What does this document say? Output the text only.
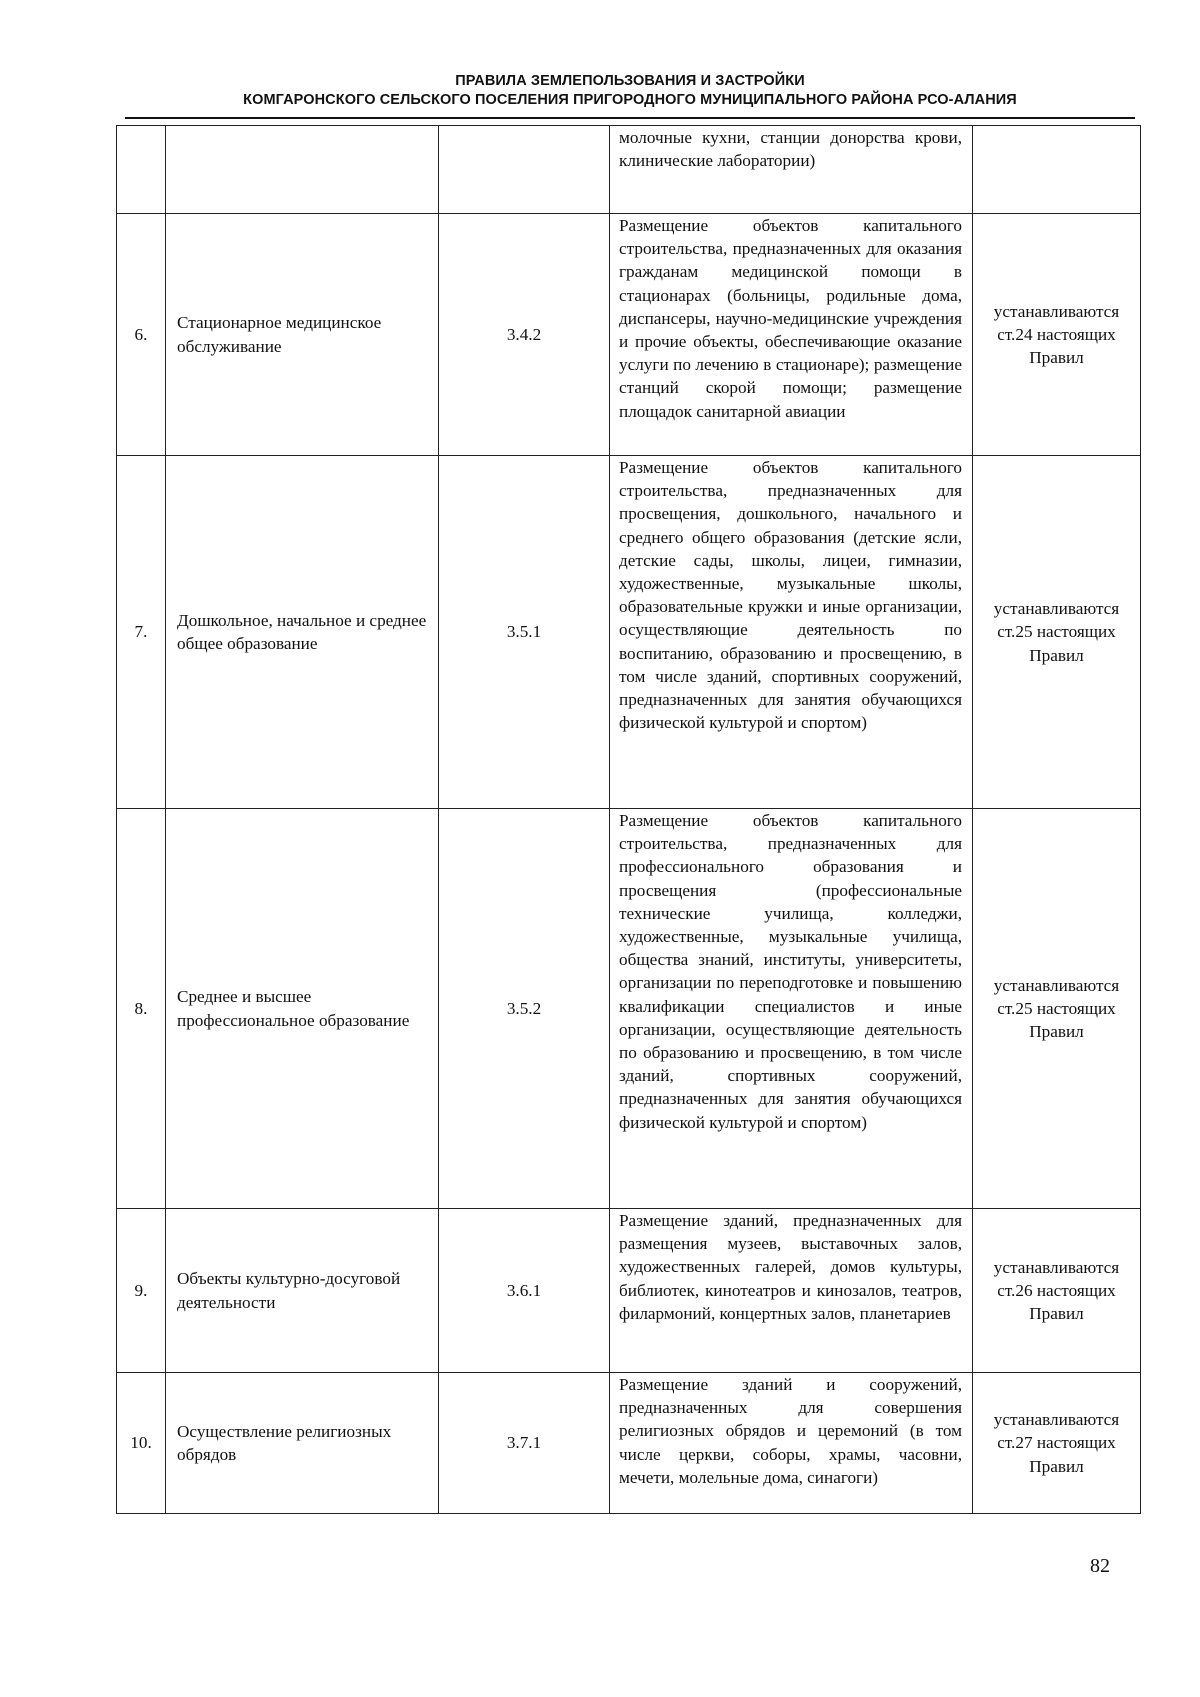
ПРАВИЛА ЗЕМЛЕПОЛЬЗОВАНИЯ И ЗАСТРОЙКИ
КОМГАРОНСКОГО СЕЛЬСКОГО ПОСЕЛЕНИЯ ПРИГОРОДНОГО МУНИЦИПАЛЬНОГО РАЙОНА РСО-АЛАНИЯ

			молочные кухни, станции донорства крови, клинические лаборатории)	

6.	Стационарное медицинское обслуживание	3.4.2	Размещение объектов капитального строительства, предназначенных для оказания гражданам медицинской помощи в стационарах (больницы, родильные дома, диспансеры, научно-медицинские учреждения и прочие объекты, обеспечивающие оказание услуги по лечению в стационаре); размещение станций скорой помощи; размещение площадок санитарной авиации	устанавливаются ст.24 настоящих Правил
7.	Дошкольное, начальное и среднее общее образование	3.5.1	Размещение объектов капитального строительства, предназначенных для просвещения, дошкольного, начального и среднего общего образования (детские ясли, детские сады, школы, лицеи, гимназии, художественные, музыкальные школы, образовательные кружки и иные организации, осуществляющие деятельность по воспитанию, образованию и просвещению, в том числе зданий, спортивных сооружений, предназначенных для занятия обучающихся физической культурой и спортом)	устанавливаются ст.25 настоящих Правил
8.	Среднее и высшее профессиональное образование	3.5.2	Размещение объектов капитального строительства, предназначенных для профессионального образования и просвещения (профессиональные технические училища, колледжи, художественные, музыкальные училища, общества знаний, институты, университеты, организации по переподготовке и повышению квалификации специалистов и иные организации, осуществляющие деятельность по образованию и просвещению, в том числе зданий, спортивных сооружений, предназначенных для занятия обучающихся физической культурой и спортом)	устанавливаются ст.25 настоящих Правил
9.	Объекты культурно-досуговой деятельности	3.6.1	Размещение зданий, предназначенных для размещения музеев, выставочных залов, художественных галерей, домов культуры, библиотек, кинотеатров и кинозалов, театров, филармоний, концертных залов, планетариев	устанавливаются ст.26 настоящих Правил
10.	Осуществление религиозных обрядов	3.7.1	Размещение зданий и сооружений, предназначенных для совершения религиозных обрядов и церемоний (в том числе церкви, соборы, храмы, часовни, мечети, молельные дома, синагоги)	устанавливаются ст.27 настоящих Правил
82
